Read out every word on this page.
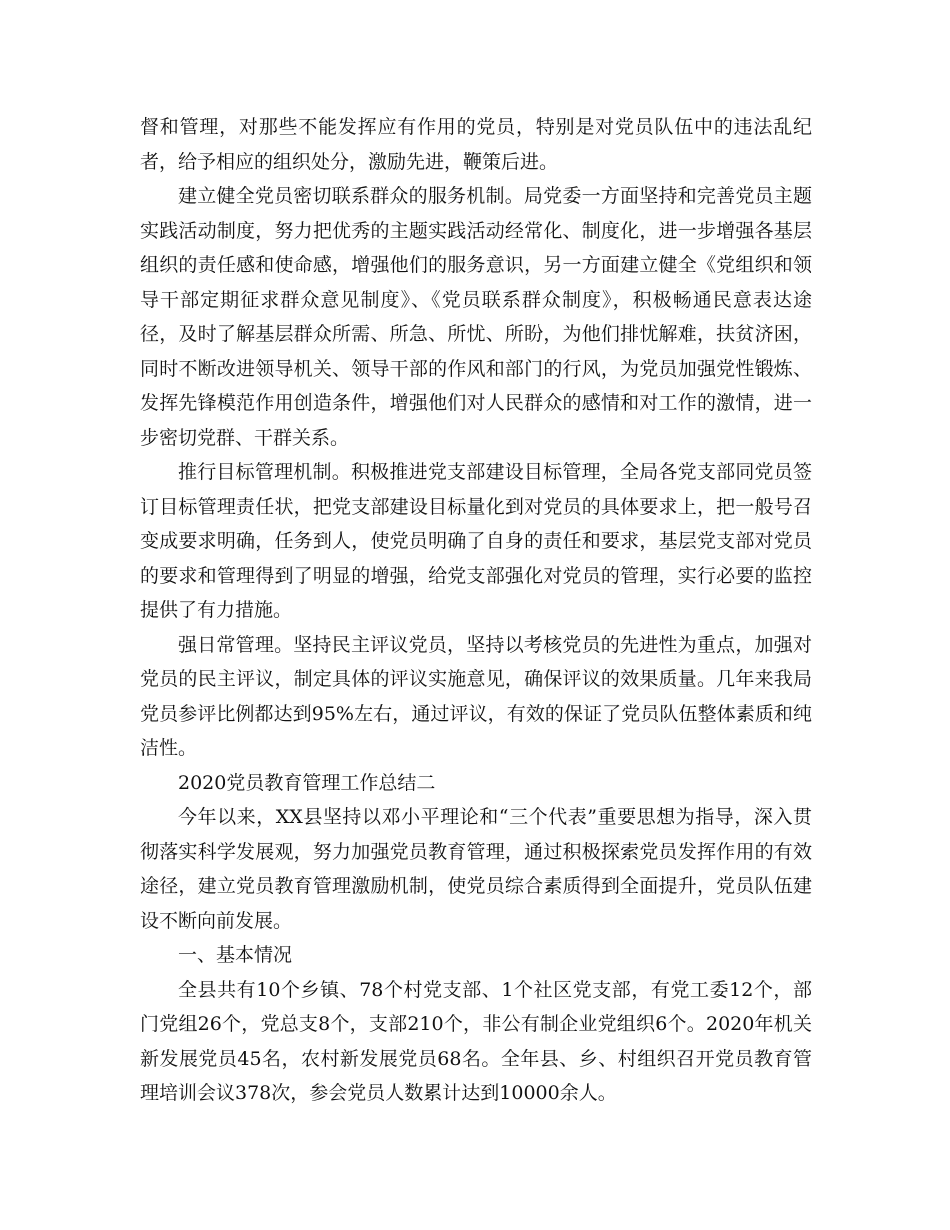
督和管理，对那些不能发挥应有作用的党员，特别是对党员队伍中的违法乱纪者，给予相应的组织处分，激励先进，鞭策后进。

建立健全党员密切联系群众的服务机制。局党委一方面坚持和完善党员主题实践活动制度，努力把优秀的主题实践活动经常化、制度化，进一步增强各基层组织的责任感和使命感，增强他们的服务意识，另一方面建立健全《党组织和领导干部定期征求群众意见制度》、《党员联系群众制度》，积极畅通民意表达途径，及时了解基层群众所需、所急、所忧、所盼，为他们排忧解难，扶贫济困，同时不断改进领导机关、领导干部的作风和部门的行风，为党员加强党性锻炼、发挥先锋模范作用创造条件，增强他们对人民群众的感情和对工作的激情，进一步密切党群、干群关系。

推行目标管理机制。积极推进党支部建设目标管理，全局各党支部同党员签订目标管理责任状，把党支部建设目标量化到对党员的具体要求上，把一般号召变成要求明确，任务到人，使党员明确了自身的责任和要求，基层党支部对党员的要求和管理得到了明显的增强，给党支部强化对党员的管理，实行必要的监控提供了有力措施。

强日常管理。坚持民主评议党员，坚持以考核党员的先进性为重点，加强对党员的民主评议，制定具体的评议实施意见，确保评议的效果质量。几年来我局党员参评比例都达到95%左右，通过评议，有效的保证了党员队伍整体素质和纯洁性。

2020党员教育管理工作总结二

今年以来，XX县坚持以邓小平理论和“三个代表”重要思想为指导，深入贯彻落实科学发展观，努力加强党员教育管理，通过积极探索党员发挥作用的有效途径，建立党员教育管理激励机制，使党员综合素质得到全面提升，党员队伍建设不断向前发展。

一、基本情况

全县共有10个乡镇、78个村党支部、1个社区党支部，有党工委12个，部门党组26个，党总支8个，支部210个，非公有制企业党组织6个。2020年机关新发展党员45名，农村新发展党员68名。全年县、乡、村组织召开党员教育管理培训会议378次，参会党员人数累计达到10000余人。
